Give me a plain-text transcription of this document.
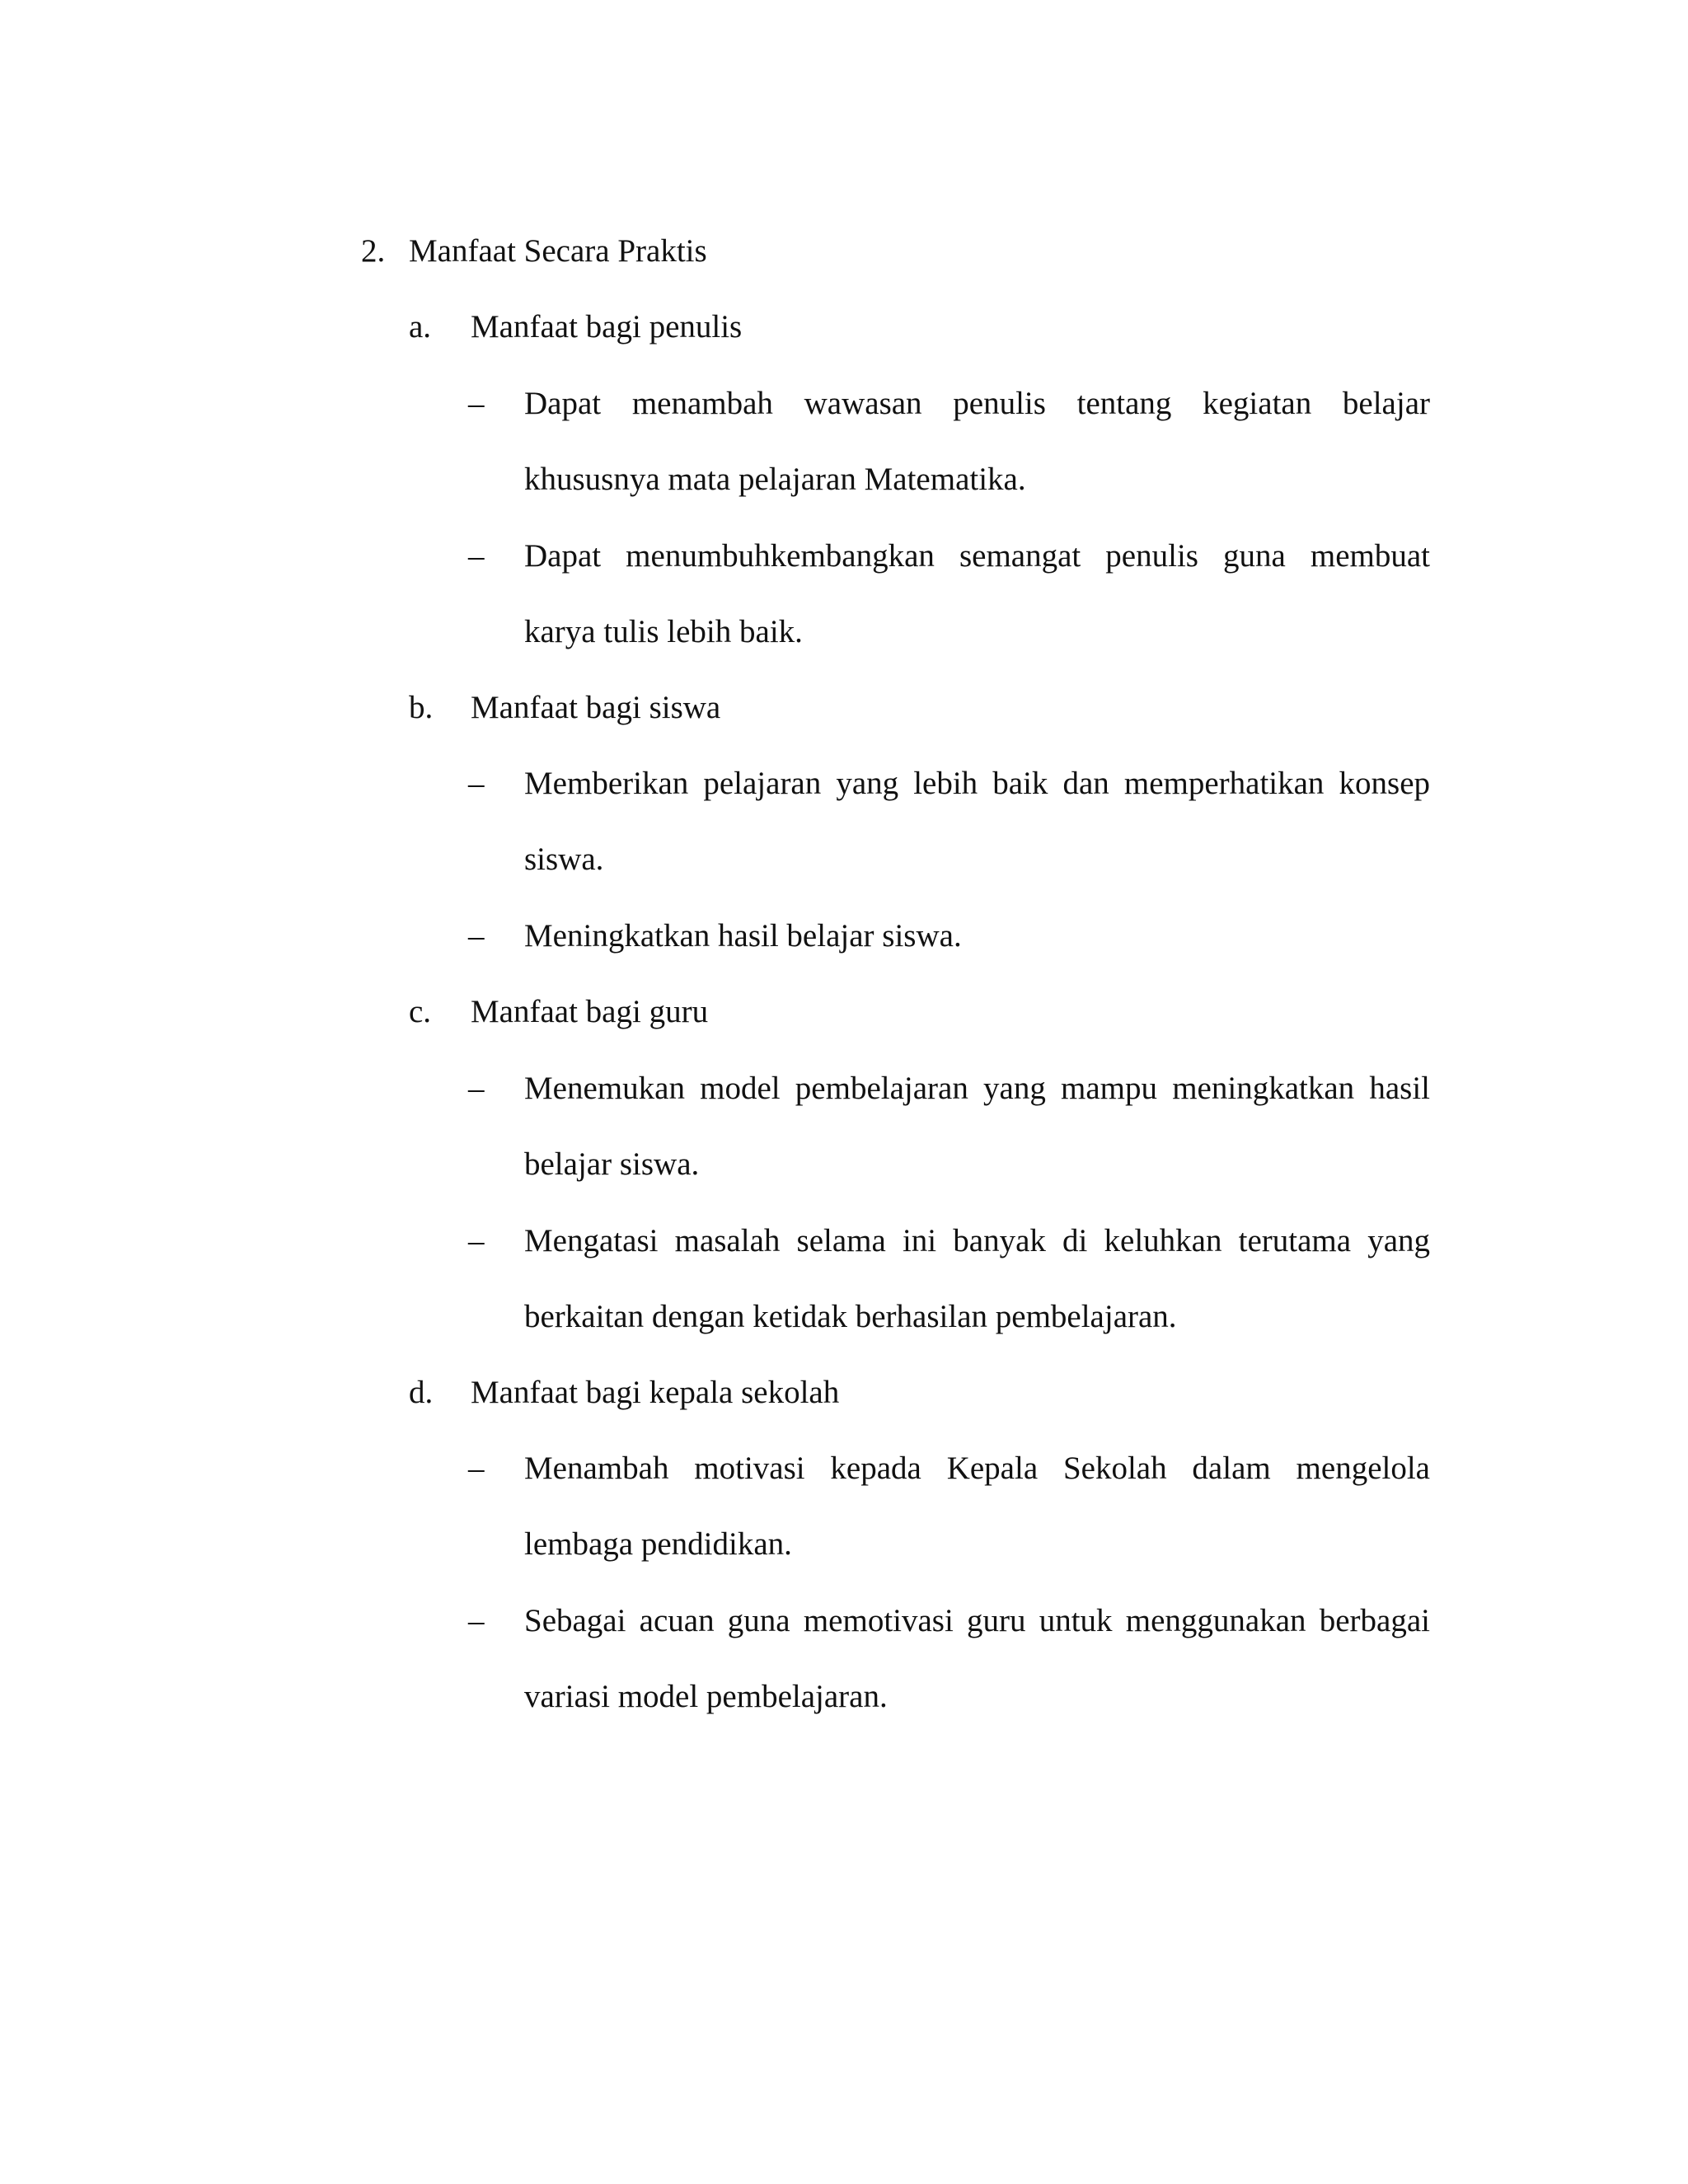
2. Manfaat Secara Praktis
a. Manfaat bagi penulis
– Dapat menambah wawasan penulis tentang kegiatan belajar
khususnya mata pelajaran Matematika.
– Dapat menumbuhkembangkan semangat penulis guna membuat
karya tulis lebih baik.
b. Manfaat bagi siswa
– Memberikan pelajaran yang lebih baik dan memperhatikan konsep
siswa.
– Meningkatkan hasil belajar siswa.
c. Manfaat bagi guru
– Menemukan model pembelajaran yang mampu meningkatkan hasil
belajar siswa.
– Mengatasi masalah selama ini banyak di keluhkan terutama yang
berkaitan dengan ketidak berhasilan pembelajaran.
d. Manfaat bagi kepala sekolah
– Menambah motivasi kepada Kepala Sekolah dalam mengelola
lembaga pendidikan.
– Sebagai acuan guna memotivasi guru untuk menggunakan berbagai
variasi model pembelajaran.
